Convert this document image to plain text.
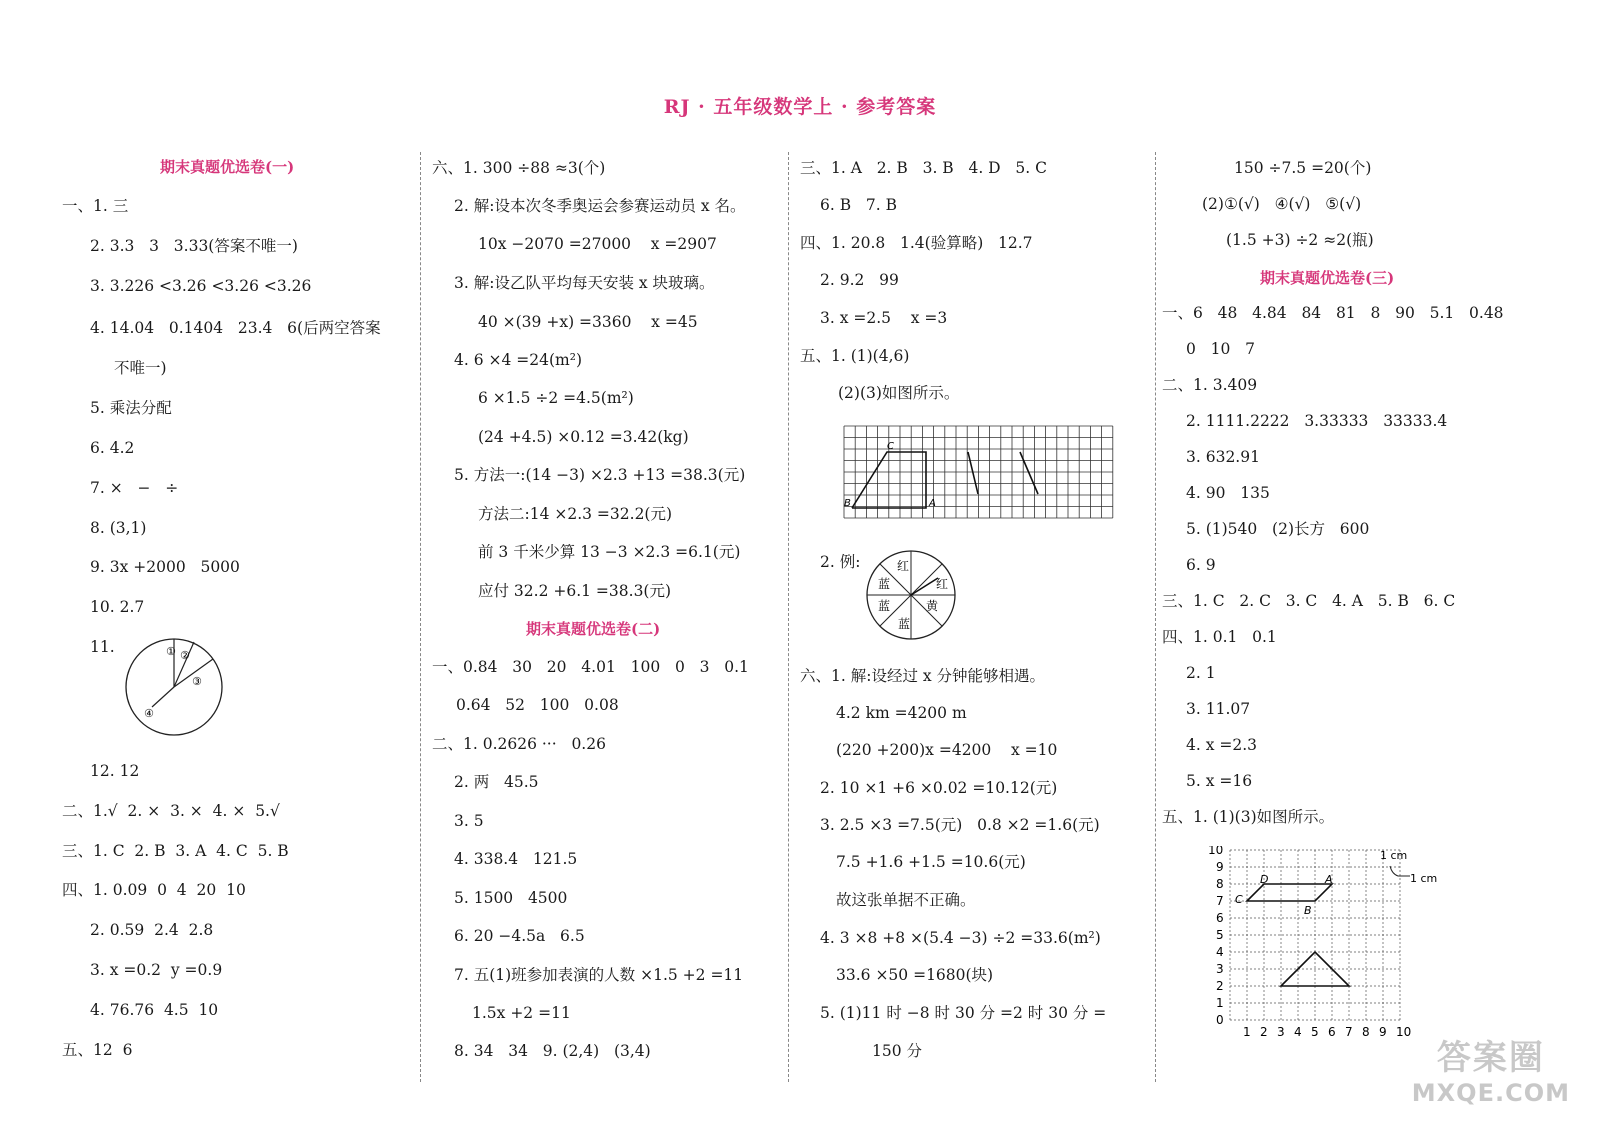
RJ · 五年级数学上 · 参考答案
期末真题优选卷(一)
一、1. 三
2. 3.3   3   3.33(答案不唯一)
3. 3.226 <3.26 <3.26 <3.26
4. 14.04   0.1404   23.4   6(后两空答案
不唯一)
5. 乘法分配
6. 4.2
7. ×   −   ÷
8. (3,1)
9. 3x +2000   5000
10. 2.7
11.	① ②
③
④
12. 12
二、1.√  2. ×  3. ×  4. ×  5.√
三、1. C  2. B  3. A  4. C  5. B
四、1. 0.09  0  4  20  10
2. 0.59  2.4  2.8
3. x =0.2  y =0.9
4. 76.76  4.5  10
五、12  6
六、1. 300 ÷88 ≈3(个)
2. 解:设本次冬季奥运会参赛运动员 x 名。
10x −2070 =27000    x =2907
3. 解:设乙队平均每天安装 x 块玻璃。
40 ×(39 +x) =3360    x =45
4. 6 ×4 =24(m²)
6 ×1.5 ÷2 =4.5(m²)
(24 +4.5) ×0.12 =3.42(kg)
5. 方法一:(14 −3) ×2.3 +13 =38.3(元)
方法二:14 ×2.3 =32.2(元)
前 3 千米少算 13 −3 ×2.3 =6.1(元)
应付 32.2 +6.1 =38.3(元)
期末真题优选卷(二)
一、0.84   30   20   4.01   100   0   3   0.1
0.64   52   100   0.08
二、1. 0.2626 ···   0.26
2. 两   45.5
3. 5
4. 338.4   121.5
5. 1500   4500
6. 20 −4.5a   6.5
7. 五(1)班参加表演的人数 ×1.5 +2 =11
1.5x +2 =11
8. 34   34   9. (2,4)   (3,4)
三、1. A   2. B   3. B   4. D   5. C
6. B   7. B
四、1. 20.8   1.4(验算略)   12.7
2. 9.2   99
3. x =2.5    x =3
五、1. (1)(4,6)
(2)(3)如图所示。
C
B	A
2. 例:	红
红
黄
蓝
蓝
蓝
六、1. 解:设经过 x 分钟能够相遇。
4.2 km =4200 m
(220 +200)x =4200    x =10
2. 10 ×1 +6 ×0.02 =10.12(元)
3. 2.5 ×3 =7.5(元)   0.8 ×2 =1.6(元)
7.5 +1.6 +1.5 =10.6(元)
故这张单据不正确。
4. 3 ×8 +8 ×(5.4 −3) ÷2 =33.6(m²)
33.6 ×50 =1680(块)
5. (1)11 时 −8 时 30 分 =2 时 30 分 =
150 分
150 ÷7.5 =20(个)
(2)①(√)   ④(√)   ⑤(√)
(1.5 +3) ÷2 ≈2(瓶)
期末真题优选卷(三)
一、6   48   4.84   84   81   8   90   5.1   0.48
0   10   7
二、1. 3.409
2. 1111.2222   3.33333   33333.4
3. 632.91
4. 90   135
5. (1)540   (2)长方   600
6. 9
三、1. C   2. C   3. C   4. A   5. B   6. C
四、1. 0.1   0.1
2. 1
3. 11.07
4. x =2.3
5. x =16
五、1. (1)(3)如图所示。
10
9
8
7
6
5
4
3
2
1
0
1 2 3 4 5 6 7 8 9 10
1 cm
1 cm
D	A
C
B
答案圈
MXQE.COM
